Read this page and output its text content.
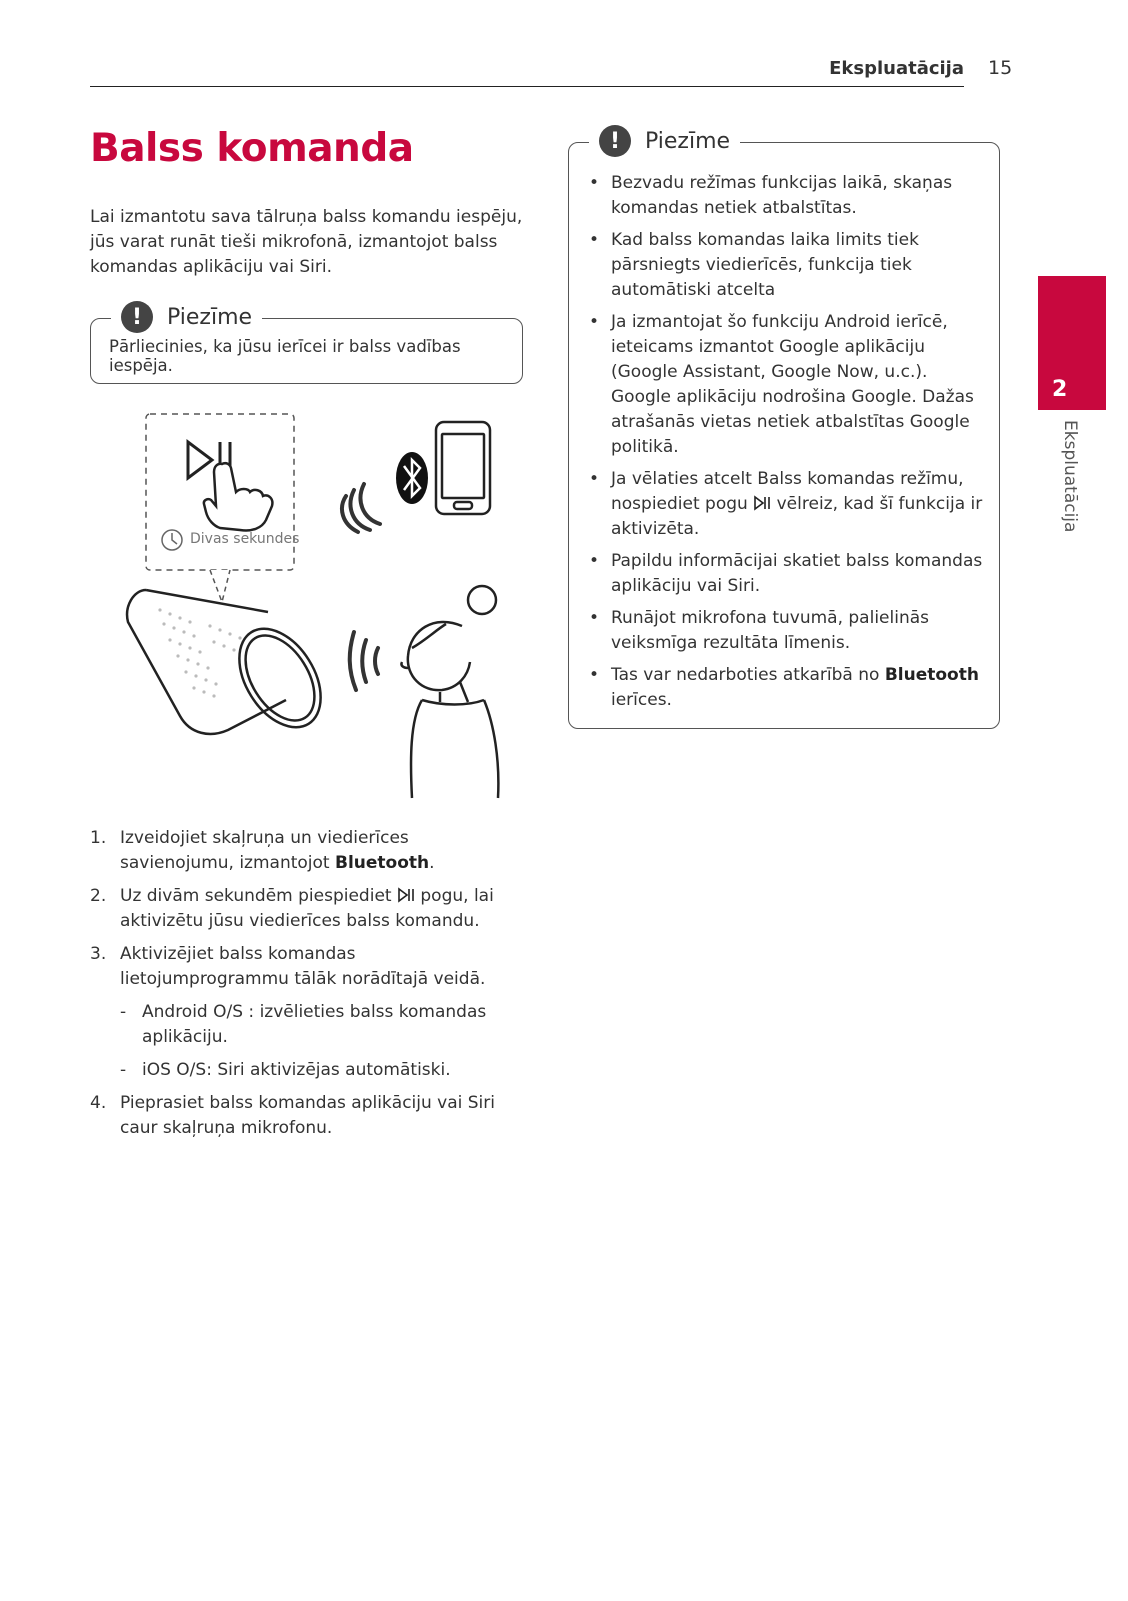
Ekspluatācija 15
Balss komanda
Lai izmantotu sava tālruņa balss komandu iespēju, jūs varat runāt tieši mikrofonā, izmantojot balss komandas aplikāciju vai Siri.
!	Piezīme
Pārliecinies, ka jūsu ierīcei ir balss vadības iespēja.
Divas sekundes
1. Izveidojiet skaļruņa un viedierīces savienojumu, izmantojot Bluetooth.
2. Uz divām sekundēm piespiediet  pogu, lai aktivizētu jūsu viedierīces balss komandu.
3. Aktivizējiet balss komandas lietojumprogrammu tālāk norādītajā veidā.
- Android O/S : izvēlieties balss komandas aplikāciju.
- iOS O/S: Siri aktivizējas automātiski.
4. Pieprasiet balss komandas aplikāciju vai Siri caur skaļruņa mikrofonu.
!	Piezīme
• Bezvadu režīmas funkcijas laikā, skaņas komandas netiek atbalstītas.
• Kad balss komandas laika limits tiek pārsniegts viedierīcēs, funkcija tiek automātiski atcelta
• Ja izmantojat šo funkciju Android ierīcē, ieteicams izmantot Google aplikāciju (Google Assistant, Google Now, u.c.). Google aplikāciju nodrošina Google. Dažas atrašanās vietas netiek atbalstītas Google politikā.
• Ja vēlaties atcelt Balss komandas režīmu, nospiediet pogu  vēlreiz, kad šī funkcija ir aktivizēta.
• Papildu informācijai skatiet balss komandas aplikāciju vai Siri.
• Runājot mikrofona tuvumā, palielinās veiksmīga rezultāta līmenis.
• Tas var nedarboties atkarībā no Bluetooth ierīces.
2
Ekspluatācija
